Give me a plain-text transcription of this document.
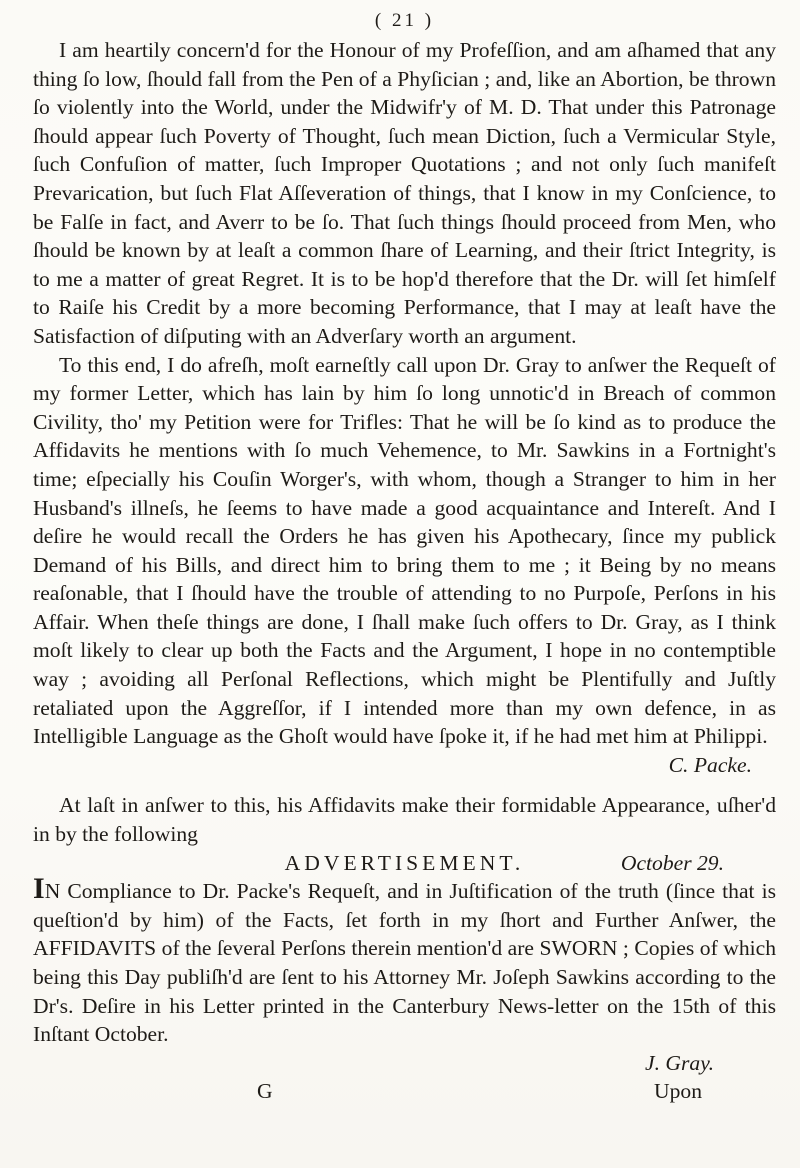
( 21 )

I am heartily concern'd for the Honour of my Profeſſion, and am aſhamed that any thing ſo low, ſhould fall from the Pen of a Phyſician ; and, like an Abortion, be thrown ſo violently into the World, under the Midwifr'y of M. D. That under this Patronage ſhould appear ſuch Poverty of Thought, ſuch mean Diction, ſuch a Vermicular Style, ſuch Confuſion of matter, ſuch Improper Quotations ; and not only ſuch manifeſt Prevarication, but ſuch Flat Aſſeveration of things, that I know in my Conſcience, to be Falſe in fact, and Averr to be ſo. That ſuch things ſhould proceed from Men, who ſhould be known by at leaſt a common ſhare of Learning, and their ſtrict Integrity, is to me a matter of great Regret. It is to be hop'd therefore that the Dr. will ſet himſelf to Raiſe his Credit by a more becoming Performance, that I may at leaſt have the Satisfaction of diſputing with an Adverſary worth an argument.

To this end, I do afreſh, moſt earneſtly call upon Dr. Gray to anſwer the Requeſt of my former Letter, which has lain by him ſo long unnotic'd in Breach of common Civility, tho' my Petition were for Trifles: That he will be ſo kind as to produce the Affidavits he mentions with ſo much Vehemence, to Mr. Sawkins in a Fortnight's time; eſpecially his Couſin Worger's, with whom, though a Stranger to him in her Husband's illneſs, he ſeems to have made a good acquaintance and Intereſt. And I deſire he would recall the Orders he has given his Apothecary, ſince my publick Demand of his Bills, and direct him to bring them to me ; it Being by no means reaſonable, that I ſhould have the trouble of attending to no Purpoſe, Perſons in his Affair. When theſe things are done, I ſhall make ſuch offers to Dr. Gray, as I think moſt likely to clear up both the Facts and the Argument, I hope in no contemptible way ; avoiding all Perſonal Reflections, which might be Plentifully and Juſtly retaliated upon the Aggreſſor, if I intended more than my own defence, in as Intelligible Language as the Ghoſt would have ſpoke it, if he had met him at Philippi.

C. Packe.

At laſt in anſwer to this, his Affidavits make their formidable Appearance, uſher'd in by the following

ADVERTISEMENT.	October 29.

IN Compliance to Dr. Packe's Requeſt, and in Juſtification of the truth (ſince that is queſtion'd by him) of the Facts, ſet forth in my ſhort and Further Anſwer, the AFFIDAVITS of the ſeveral Perſons therein mention'd are SWORN ; Copies of which being this Day publiſh'd are ſent to his Attorney Mr. Joſeph Sawkins according to the Dr's. Deſire in his Letter printed in the Canterbury News-letter on the 15th of this Inſtant October.

J. Gray.
G	Upon
